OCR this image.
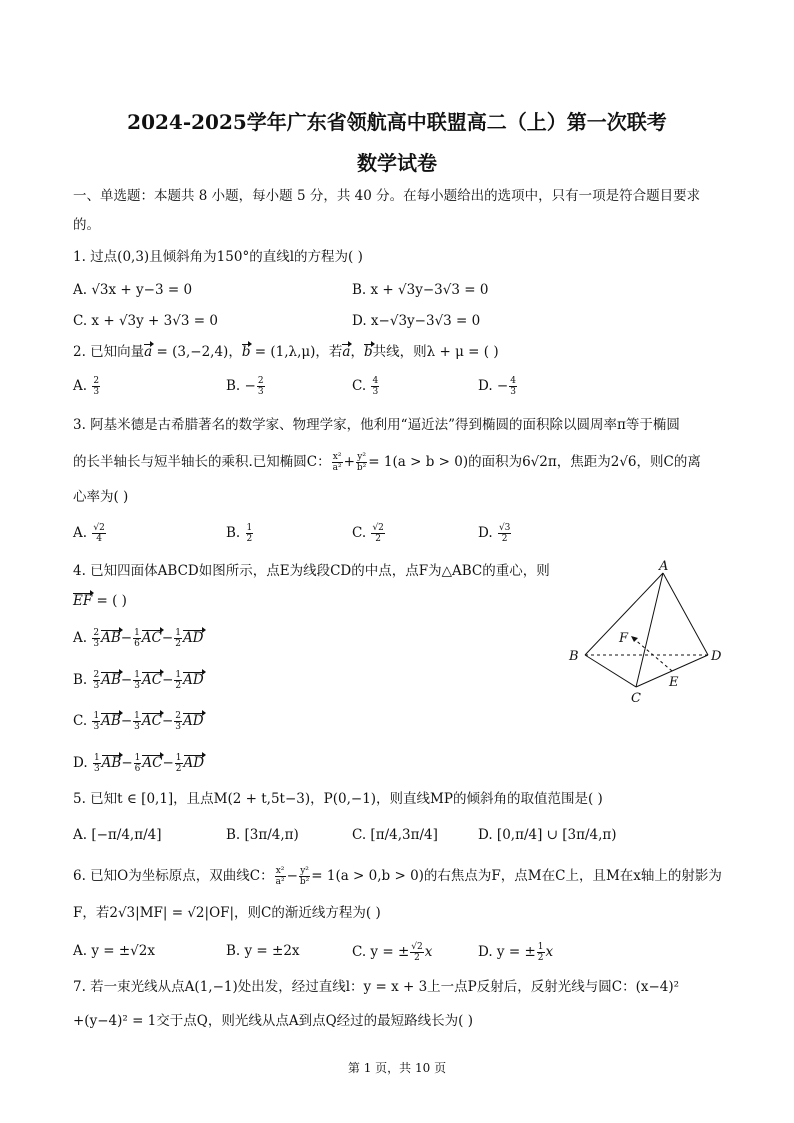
2024-2025学年广东省领航高中联盟高二（上）第一次联考
数学试卷
一、单选题：本题共 8 小题，每小题 5 分，共 40 分。在每小题给出的选项中，只有一项是符合题目要求
的。
1. 过点(0,3)且倾斜角为150°的直线l的方程为( )
A. √3x + y−3 = 0	B. x + √3y−3√3 = 0
C. x + √3y + 3√3 = 0	D. x−√3y−3√3 = 0
2. 已知向量a = (3,−2,4)，b = (1,λ,μ)，若a，b共线，则λ + μ = ( )
A. $\frac{2}{3}$	B. − $\frac{2}{3}$	C. $\frac{4}{3}$	D. − $\frac{4}{3}$
3. 阿基米德是古希腊著名的数学家、物理学家，他利用“逼近法”得到椭圆的面积除以圆周率π等于椭圆
的长半轴长与短半轴长的乘积.已知椭圆C： $\frac{\text{x²}}{\text{a²}} + \frac{\text{y²}}{\text{b²}} = 1(a > b > 0)$的面积为6√2π，焦距为2√6，则C的离
心率为( )
A. $\frac{√2}{4}$	B. $\frac{1}{2}$	C. $\frac{√2}{2}$	D. $\frac{√3}{2}$
4. 已知四面体ABCD如图所示，点E为线段CD的中点，点F为△ABC的重心，则
EF = ( )
A. $\frac{2}{3} AB- \frac{1}{6} AC- \frac{1}{2}$ AD
B. $\frac{2}{3} AB- \frac{1}{3} AC- \frac{1}{2}$ AD
C. $\frac{1}{3} AB- \frac{1}{3} AC- \frac{2}{3}$ AD
D. $\frac{1}{3} AB- \frac{1}{6} AC- \frac{1}{2}$ AD
A
B
C
D
E
F
5. 已知t ∈ [0,1]，且点M(2 + t,5t−3)，P(0,−1)，则直线MP的倾斜角的取值范围是( )
A. [−π/4,π/4]	B. [3π/4,π)	C. [π/4,3π/4]	D. [0,π/4] ∪ [3π/4,π)
6. 已知O为坐标原点，双曲线C： $\frac{\text{x²}}{\text{a²}} - \frac{\text{y²}}{\text{b²}} = 1(a > 0,b > 0)$的右焦点为F，点M在C上，且M在x轴上的射影为
F，若2√3|MF| = √2|OF|，则C的渐近线方程为( )
A. y = ±√2x	B. y = ±2x	C. y = ± $\frac{√2}{2}$ x	D. y = ± $\frac{1}{2}$ x
7. 若一束光线从点A(1,−1)处出发，经过直线l：y = x + 3上一点P反射后，反射光线与圆C：(x−4)²
+(y−4)² = 1交于点Q，则光线从点A到点Q经过的最短路线长为( )
第 1 页，共 10 页
